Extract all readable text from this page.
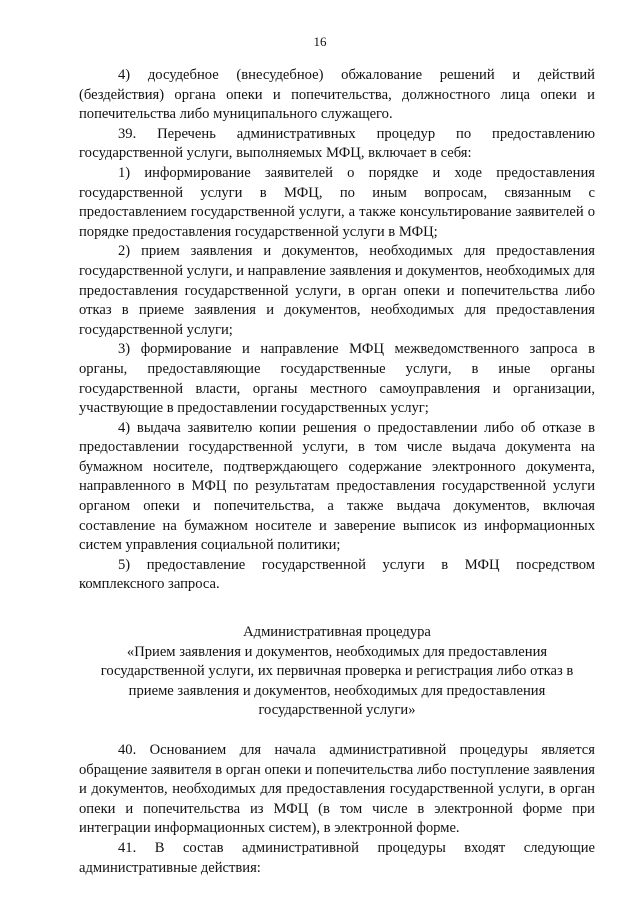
16

4) досудебное (внесудебное) обжалование решений и действий (бездействия) органа опеки и попечительства, должностного лица опеки и попечительства либо муниципального служащего.

39. Перечень административных процедур по предоставлению государственной услуги, выполняемых МФЦ, включает в себя:

1) информирование заявителей о порядке и ходе предоставления государственной услуги в МФЦ, по иным вопросам, связанным с предоставлением государственной услуги, а также консультирование заявителей о порядке предоставления государственной услуги в МФЦ;

2) прием заявления и документов, необходимых для предоставления государственной услуги, и направление заявления и документов, необходимых для предоставления государственной услуги, в орган опеки и попечительства либо отказ в приеме заявления и документов, необходимых для предоставления государственной услуги;

3) формирование и направление МФЦ межведомственного запроса в органы, предоставляющие государственные услуги, в иные органы государственной власти, органы местного самоуправления и организации, участвующие в предоставлении государственных услуг;

4) выдача заявителю копии решения о предоставлении либо об отказе в предоставлении государственной услуги, в том числе выдача документа на бумажном носителе, подтверждающего содержание электронного документа, направленного в МФЦ по результатам предоставления государственной услуги органом опеки и попечительства, а также выдача документов, включая составление на бумажном носителе и заверение выписок из информационных систем управления социальной политики;

5) предоставление государственной услуги в МФЦ посредством комплексного запроса.

Административная процедура

«Прием заявления и документов, необходимых для предоставления государственной услуги, их первичная проверка и регистрация либо отказ в приеме заявления и документов, необходимых для предоставления государственной услуги»

40. Основанием для начала административной процедуры является обращение заявителя в орган опеки и попечительства либо поступление заявления и документов, необходимых для предоставления государственной услуги, в орган опеки и попечительства из МФЦ (в том числе в электронной форме при интеграции информационных систем), в электронной форме.

41. В состав административной процедуры входят следующие административные действия:
